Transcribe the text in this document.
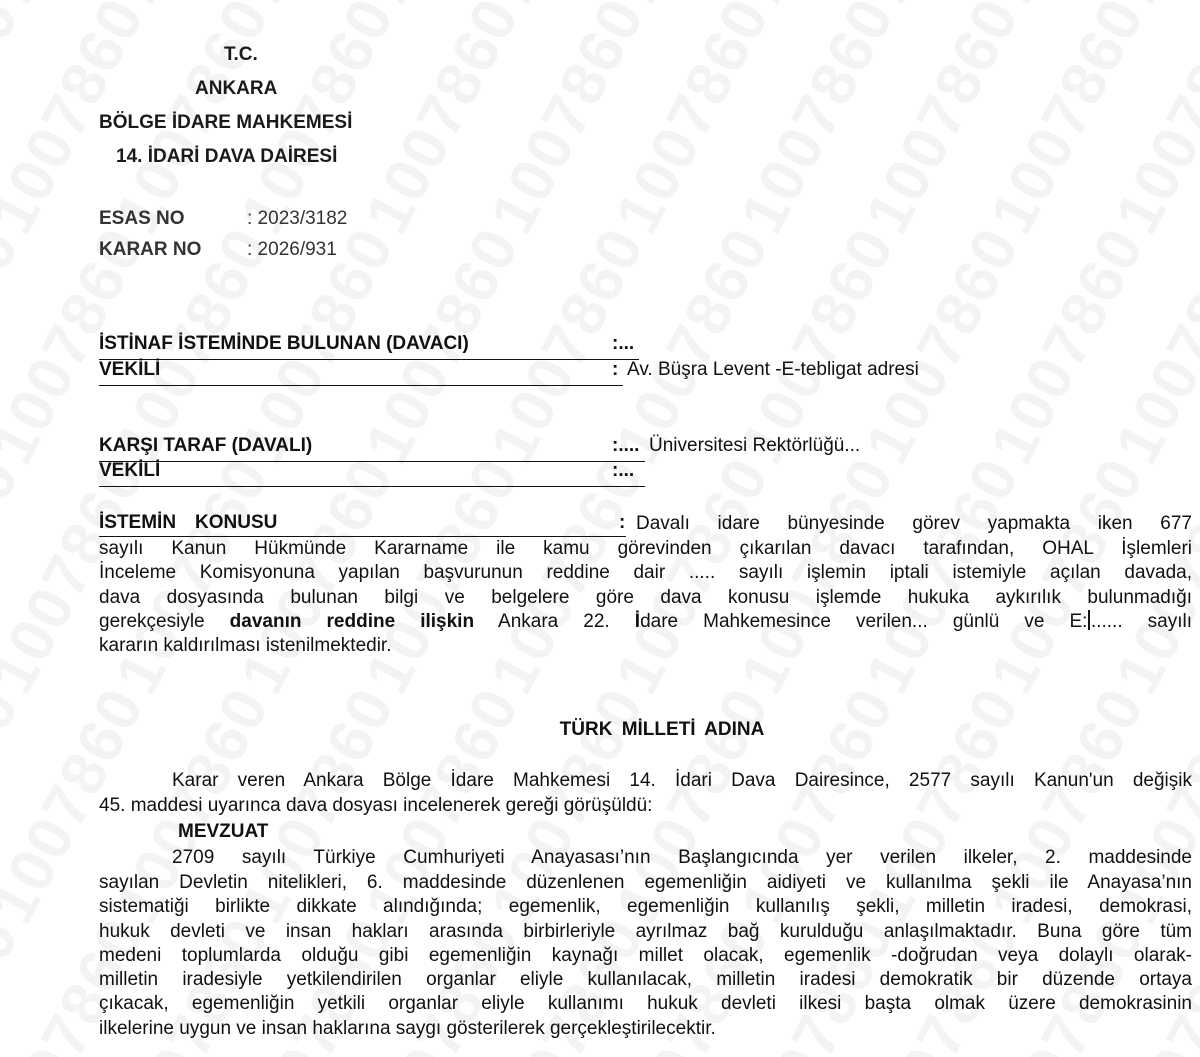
T.C.
ANKARA
BÖLGE İDARE MAHKEMESİ
14. İDARİ DAVA DAİRESİ
ESAS NO	: 2023/3182
KARAR NO : 2026/931
İSTİNAF İSTEMİNDE BULUNAN (DAVACI)	:...
VEKİLİ	: Av. Büşra Levent -E-tebligat adresi
KARŞI TARAF (DAVALI)	:.... Üniversitesi Rektörlüğü...
VEKİLİ	:...
İSTEMİN KONUSU	: Davalı idare bünyesinde görev yapmakta iken 677
sayılı Kanun Hükmünde Kararname ile kamu görevinden çıkarılan davacı tarafından, OHAL İşlemleri
İnceleme Komisyonuna yapılan başvurunun reddine dair ..... sayılı işlemin iptali istemiyle açılan davada,
dava dosyasında bulunan bilgi ve belgelere göre dava konusu işlemde hukuka aykırılık bulunmadığı
gerekçesiyle davanın reddine ilişkin Ankara 22. İdare Mahkemesince verilen... günlü ve E: ...... sayılı
kararın kaldırılması istenilmektedir.
TÜRK MİLLETİ ADINA
Karar veren Ankara Bölge İdare Mahkemesi 14. İdari Dava Dairesince, 2577 sayılı Kanun'un değişik
45. maddesi uyarınca dava dosyası incelenerek gereği görüşüldü:
MEVZUAT
2709 sayılı Türkiye Cumhuriyeti Anayasası’nın Başlangıcında yer verilen ilkeler, 2. maddesinde
sayılan Devletin nitelikleri, 6. maddesinde düzenlenen egemenliğin aidiyeti ve kullanılma şekli ile Anayasa’nın
sistematiği birlikte dikkate alındığında; egemenlik, egemenliğin kullanılış şekli, milletin iradesi, demokrasi,
hukuk devleti ve insan hakları arasında birbirleriyle ayrılmaz bağ kurulduğu anlaşılmaktadır. Buna göre tüm
medeni toplumlarda olduğu gibi egemenliğin kaynağı millet olacak, egemenlik -doğrudan veya dolaylı olarak-
milletin iradesiyle yetkilendirilen organlar eliyle kullanılacak, milletin iradesi demokratik bir düzende ortaya
çıkacak, egemenliğin yetkili organlar eliyle kullanımı hukuk devleti ilkesi başta olmak üzere demokrasinin
ilkelerine uygun ve insan haklarına saygı gösterilerek gerçekleştirilecektir.
